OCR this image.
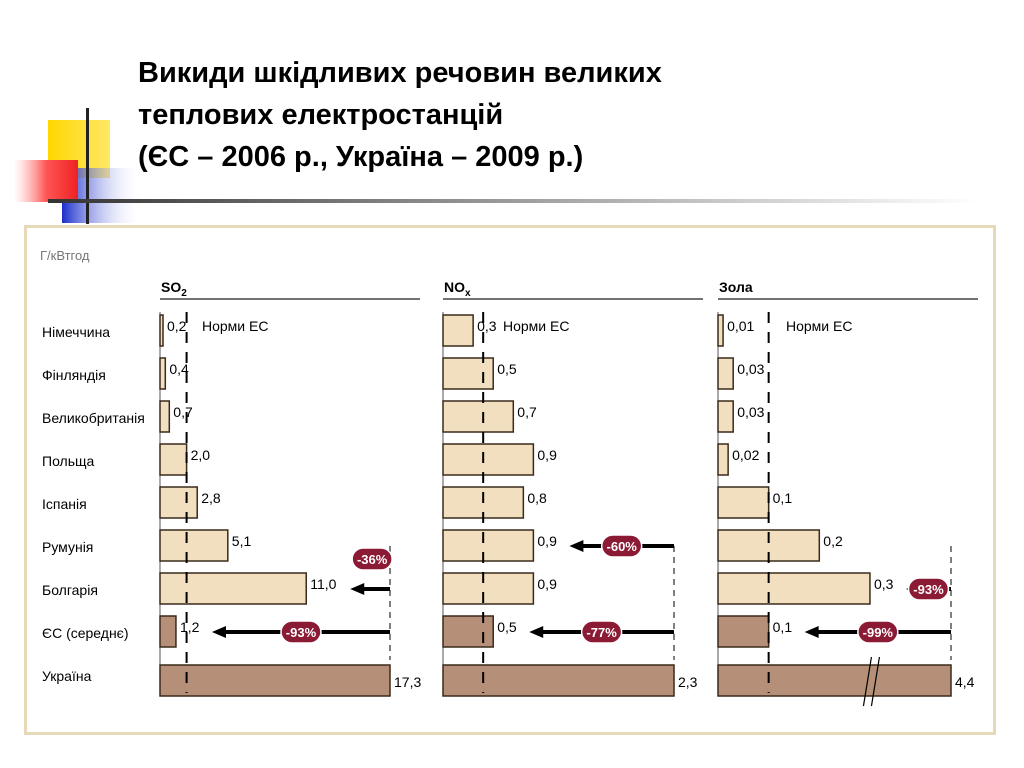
Викиди шкідливих речовин великих
теплових електростанцій
(ЄС – 2006 р., Україна – 2009 р.)
Г/кВтгод
Німеччина
Фінляндія
Великобританія
Польща
Іспанія
Румунія
Болгарія
ЄС (середнє)
Україна
$SO_2$
0,2
0,4
0,7
2,0
2,8
5,1
11,0
1,2
17,3
Норми ЕС
-36%
-93%
$NO_x$
0,3
0,5
0,7
0,9
0,8
0,9
0,9
0,5
2,3
Норми ЕС
-60%
-77%
Зола
0,01
0,03
0,03
0,02
0,1
0,2
0,3
0,1
4,4
Норми ЕС
-93%
-99%
